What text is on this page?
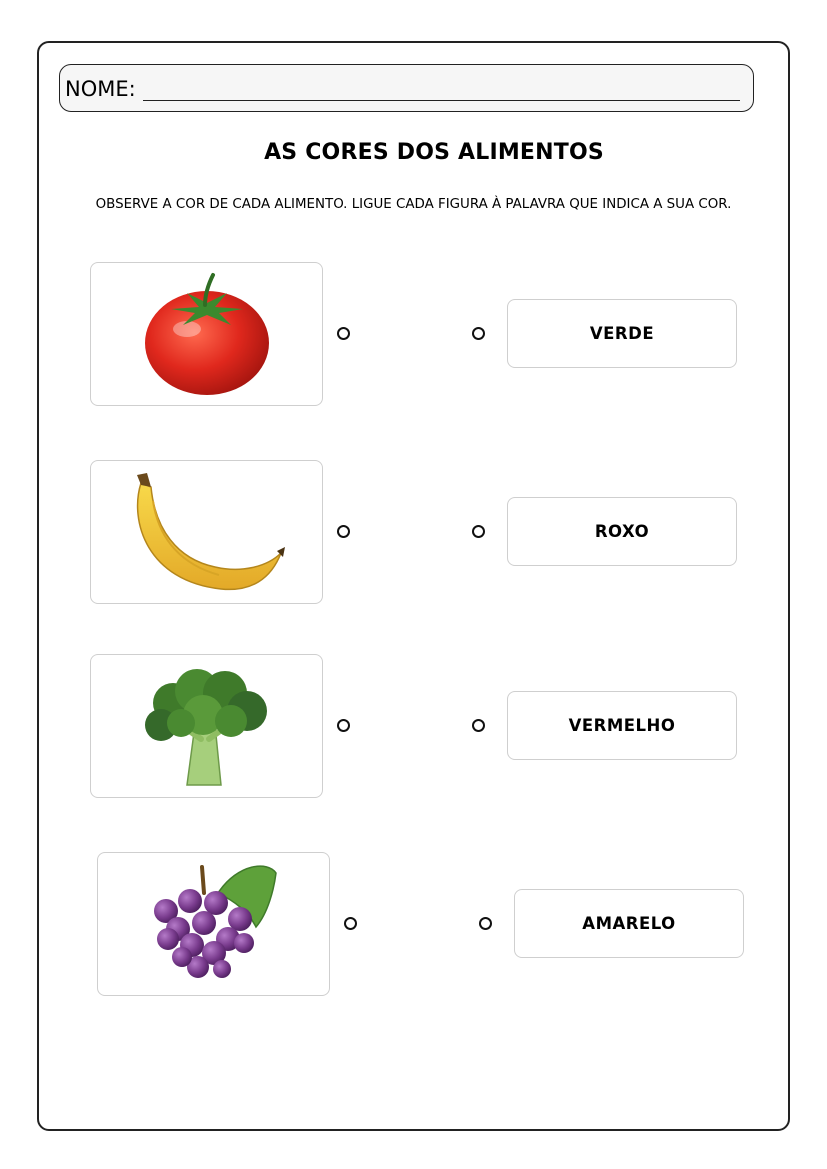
NOME:
AS CORES DOS ALIMENTOS
OBSERVE A COR DE CADA ALIMENTO. LIGUE CADA FIGURA À PALAVRA QUE INDICA A SUA COR.
VERDE
ROXO
VERMELHO
AMARELO
